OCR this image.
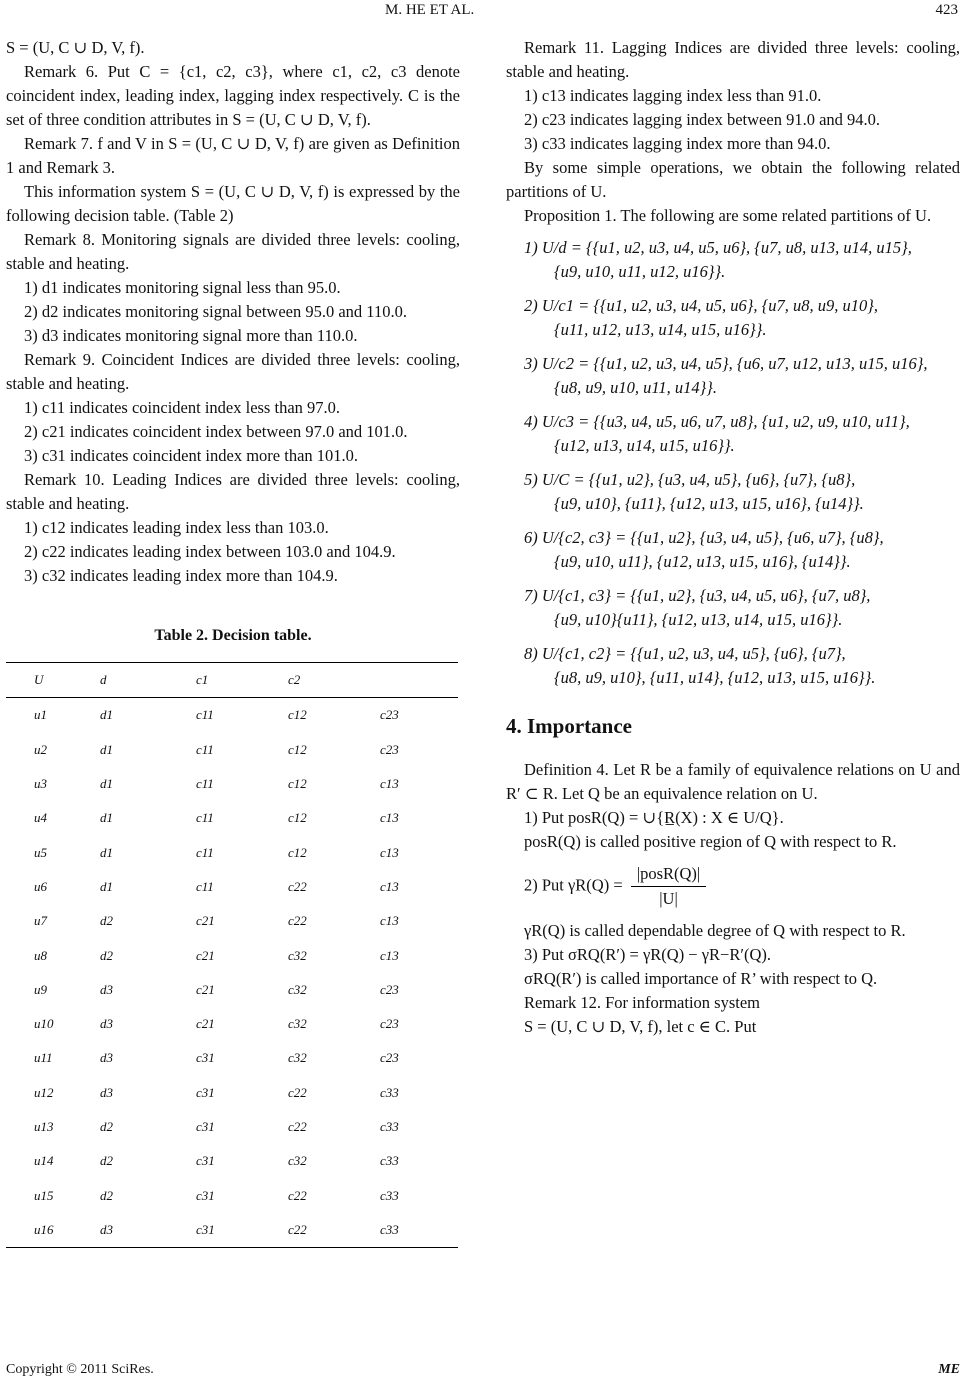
M. HE ET AL.	423

S = (U, C ∪ D, V, f).

Remark 6. Put C = {c1, c2, c3}, where c1, c2, c3 denote coincident index, leading index, lagging index respectively. C is the set of three condition attributes in S = (U, C ∪ D, V, f).

Remark 7. f and V in S = (U, C ∪ D, V, f) are given as Definition 1 and Remark 3.

This information system S = (U, C ∪ D, V, f) is expressed by the following decision table. (Table 2)

Remark 8. Monitoring signals are divided three levels: cooling, stable and heating.

1) d1 indicates monitoring signal less than 95.0.

2) d2 indicates monitoring signal between 95.0 and 110.0.

3) d3 indicates monitoring signal more than 110.0.

Remark 9. Coincident Indices are divided three levels: cooling, stable and heating.

1) c11 indicates coincident index less than 97.0.

2) c21 indicates coincident index between 97.0 and 101.0.

3) c31 indicates coincident index more than 101.0.

Remark 10. Leading Indices are divided three levels: cooling, stable and heating.

1) c12 indicates leading index less than 103.0.

2) c22 indicates leading index between 103.0 and 104.9.

3) c32 indicates leading index more than 104.9.

Table 2. Decision table.
U	d	c1	c2	
u1	d1	c11	c12	c23
u2	d1	c11	c12	c23
u3	d1	c11	c12	c13
u4	d1	c11	c12	c13
u5	d1	c11	c12	c13
u6	d1	c11	c22	c13
u7	d2	c21	c22	c13
u8	d2	c21	c32	c13
u9	d3	c21	c32	c23
u10	d3	c21	c32	c23
u11	d3	c31	c32	c23
u12	d3	c31	c22	c33
u13	d2	c31	c22	c33
u14	d2	c31	c32	c33
u15	d2	c31	c22	c33
u16	d3	c31	c22	c33

Remark 11. Lagging Indices are divided three levels: cooling, stable and heating.

1) c13 indicates lagging index less than 91.0.

2) c23 indicates lagging index between 91.0 and 94.0.

3) c33 indicates lagging index more than 94.0.

By some simple operations, we obtain the following related partitions of U.

Proposition 1. The following are some related partitions of U.

1) U/d = {{u1, u2, u3, u4, u5, u6}, {u7, u8, u13, u14, u15},
{u9, u10, u11, u12, u16}}.
2) U/c1 = {{u1, u2, u3, u4, u5, u6}, {u7, u8, u9, u10},
{u11, u12, u13, u14, u15, u16}}.
3) U/c2 = {{u1, u2, u3, u4, u5}, {u6, u7, u12, u13, u15, u16},
{u8, u9, u10, u11, u14}}.
4) U/c3 = {{u3, u4, u5, u6, u7, u8}, {u1, u2, u9, u10, u11},
{u12, u13, u14, u15, u16}}.
5) U/C = {{u1, u2}, {u3, u4, u5}, {u6}, {u7}, {u8},
{u9, u10}, {u11}, {u12, u13, u15, u16}, {u14}}.
6) U/{c2, c3} = {{u1, u2}, {u3, u4, u5}, {u6, u7}, {u8},
{u9, u10, u11}, {u12, u13, u15, u16}, {u14}}.
7) U/{c1, c3} = {{u1, u2}, {u3, u4, u5, u6}, {u7, u8},
{u9, u10}{u11}, {u12, u13, u14, u15, u16}}.
8) U/{c1, c2} = {{u1, u2, u3, u4, u5}, {u6}, {u7},
{u8, u9, u10}, {u11, u14}, {u12, u13, u15, u16}}.
4. Importance

Definition 4. Let R be a family of equivalence relations on U and R′ ⊂ R. Let Q be an equivalence relation on U.

1) Put posR(Q) = ∪{R̲(X) : X ∈ U/Q}.

posR(Q) is called positive region of Q with respect to R.

2) Put $\gamma R(Q) = \frac{\text{|posR(Q)|}}{|U|}$

γR(Q) is called dependable degree of Q with respect to R.

3) Put σRQ(R′) = γR(Q) − γR−R′(Q).

σRQ(R′) is called importance of R’ with respect to Q.

Remark 12. For information system

S = (U, C ∪ D, V, f), let c ∈ C. Put

Copyright © 2011 SciRes.	ME
